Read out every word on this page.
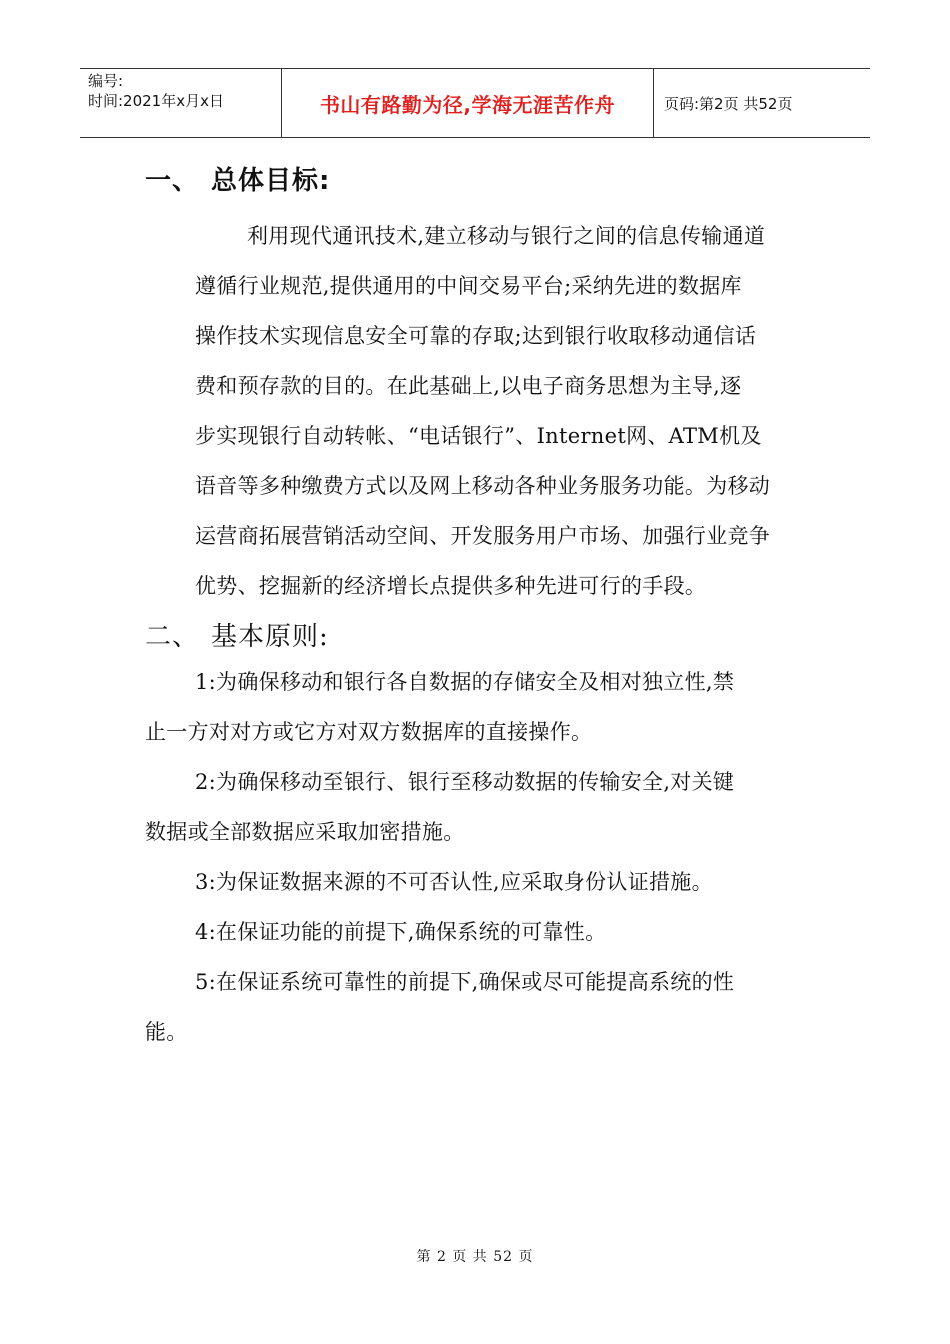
编号:
时间:2021年x月x日	书山有路勤为径,学海无涯苦作舟	页码:第2页 共52页
一、 总体目标:

利用现代通讯技术,建立移动与银行之间的信息传输通道
遵循行业规范,提供通用的中间交易平台;采纳先进的数据库
操作技术实现信息安全可靠的存取;达到银行收取移动通信话
费和预存款的目的。在此基础上,以电子商务思想为主导,逐
步实现银行自动转帐、“电话银行”、Internet网、ATM机及
语音等多种缴费方式以及网上移动各种业务服务功能。为移动
运营商拓展营销活动空间、开发服务用户市场、加强行业竞争
优势、挖掘新的经济增长点提供多种先进可行的手段。

二、 基本原则:

1:为确保移动和银行各自数据的存储安全及相对独立性,禁
止一方对对方或它方对双方数据库的直接操作。
2:为确保移动至银行、银行至移动数据的传输安全,对关键
数据或全部数据应采取加密措施。
3:为保证数据来源的不可否认性,应采取身份认证措施。
4:在保证功能的前提下,确保系统的可靠性。
5:在保证系统可靠性的前提下,确保或尽可能提高系统的性
能。

第 2 页 共 52 页
